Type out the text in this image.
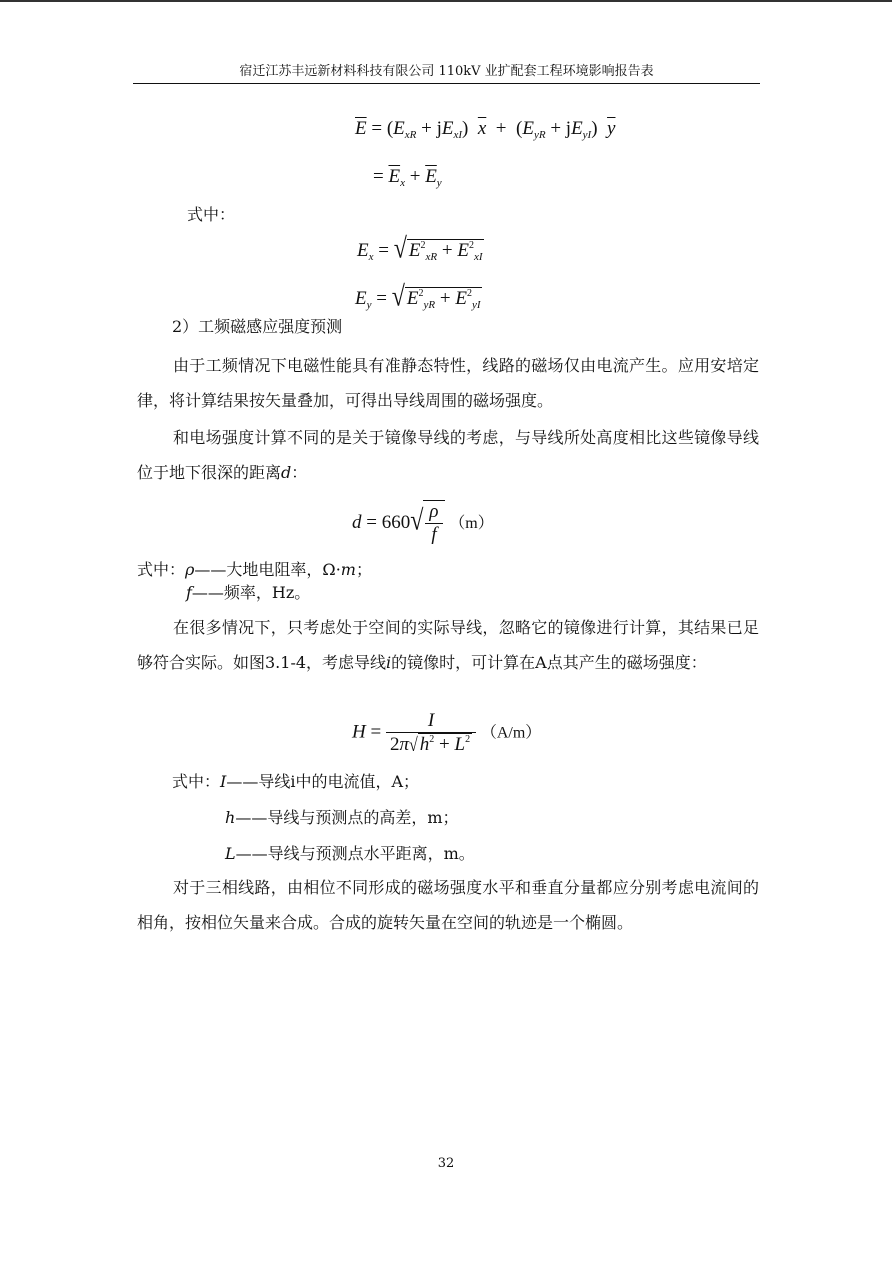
宿迁江苏丰远新材料科技有限公司 110kV 业扩配套工程环境影响报告表
$\overline{E} = (E_{xR} + jE_{xI}) \overline{x} + (E_{yR} + jE_{yI})$  $\overline{y}$
= $\overline{E}_x + \overline{E}_y$
式中：
$E_x$ = √ $E^2_{xR} + E^2_{xI}$
$E_y$ = √ $E^2_{yR} + E^2_{yI}$
2）工频磁感应强度预测
由于工频情况下电磁性能具有准静态特性，线路的磁场仅由电流产生。应用安培定律，将计算结果按矢量叠加，可得出导线周围的磁场强度。
和电场强度计算不同的是关于镜像导线的考虑，与导线所处高度相比这些镜像导线位于地下很深的距离d：
$d = 660√ \frac{\rho}{f} (m)$
式中：ρ——大地电阻率，Ω·m；
f——频率，Hz。
在很多情况下，只考虑处于空间的实际导线，忽略它的镜像进行计算，其结果已足够符合实际。如图3.1-4，考虑导线i的镜像时，可计算在A点其产生的磁场强度：
$H = \frac{I}{2\pi√ h^2 + L^2} (A/m)$
式中：I——导线i中的电流值，A；
h——导线与预测点的高差，m；
L——导线与预测点水平距离，m。
对于三相线路，由相位不同形成的磁场强度水平和垂直分量都应分别考虑电流间的相角，按相位矢量来合成。合成的旋转矢量在空间的轨迹是一个椭圆。
32
